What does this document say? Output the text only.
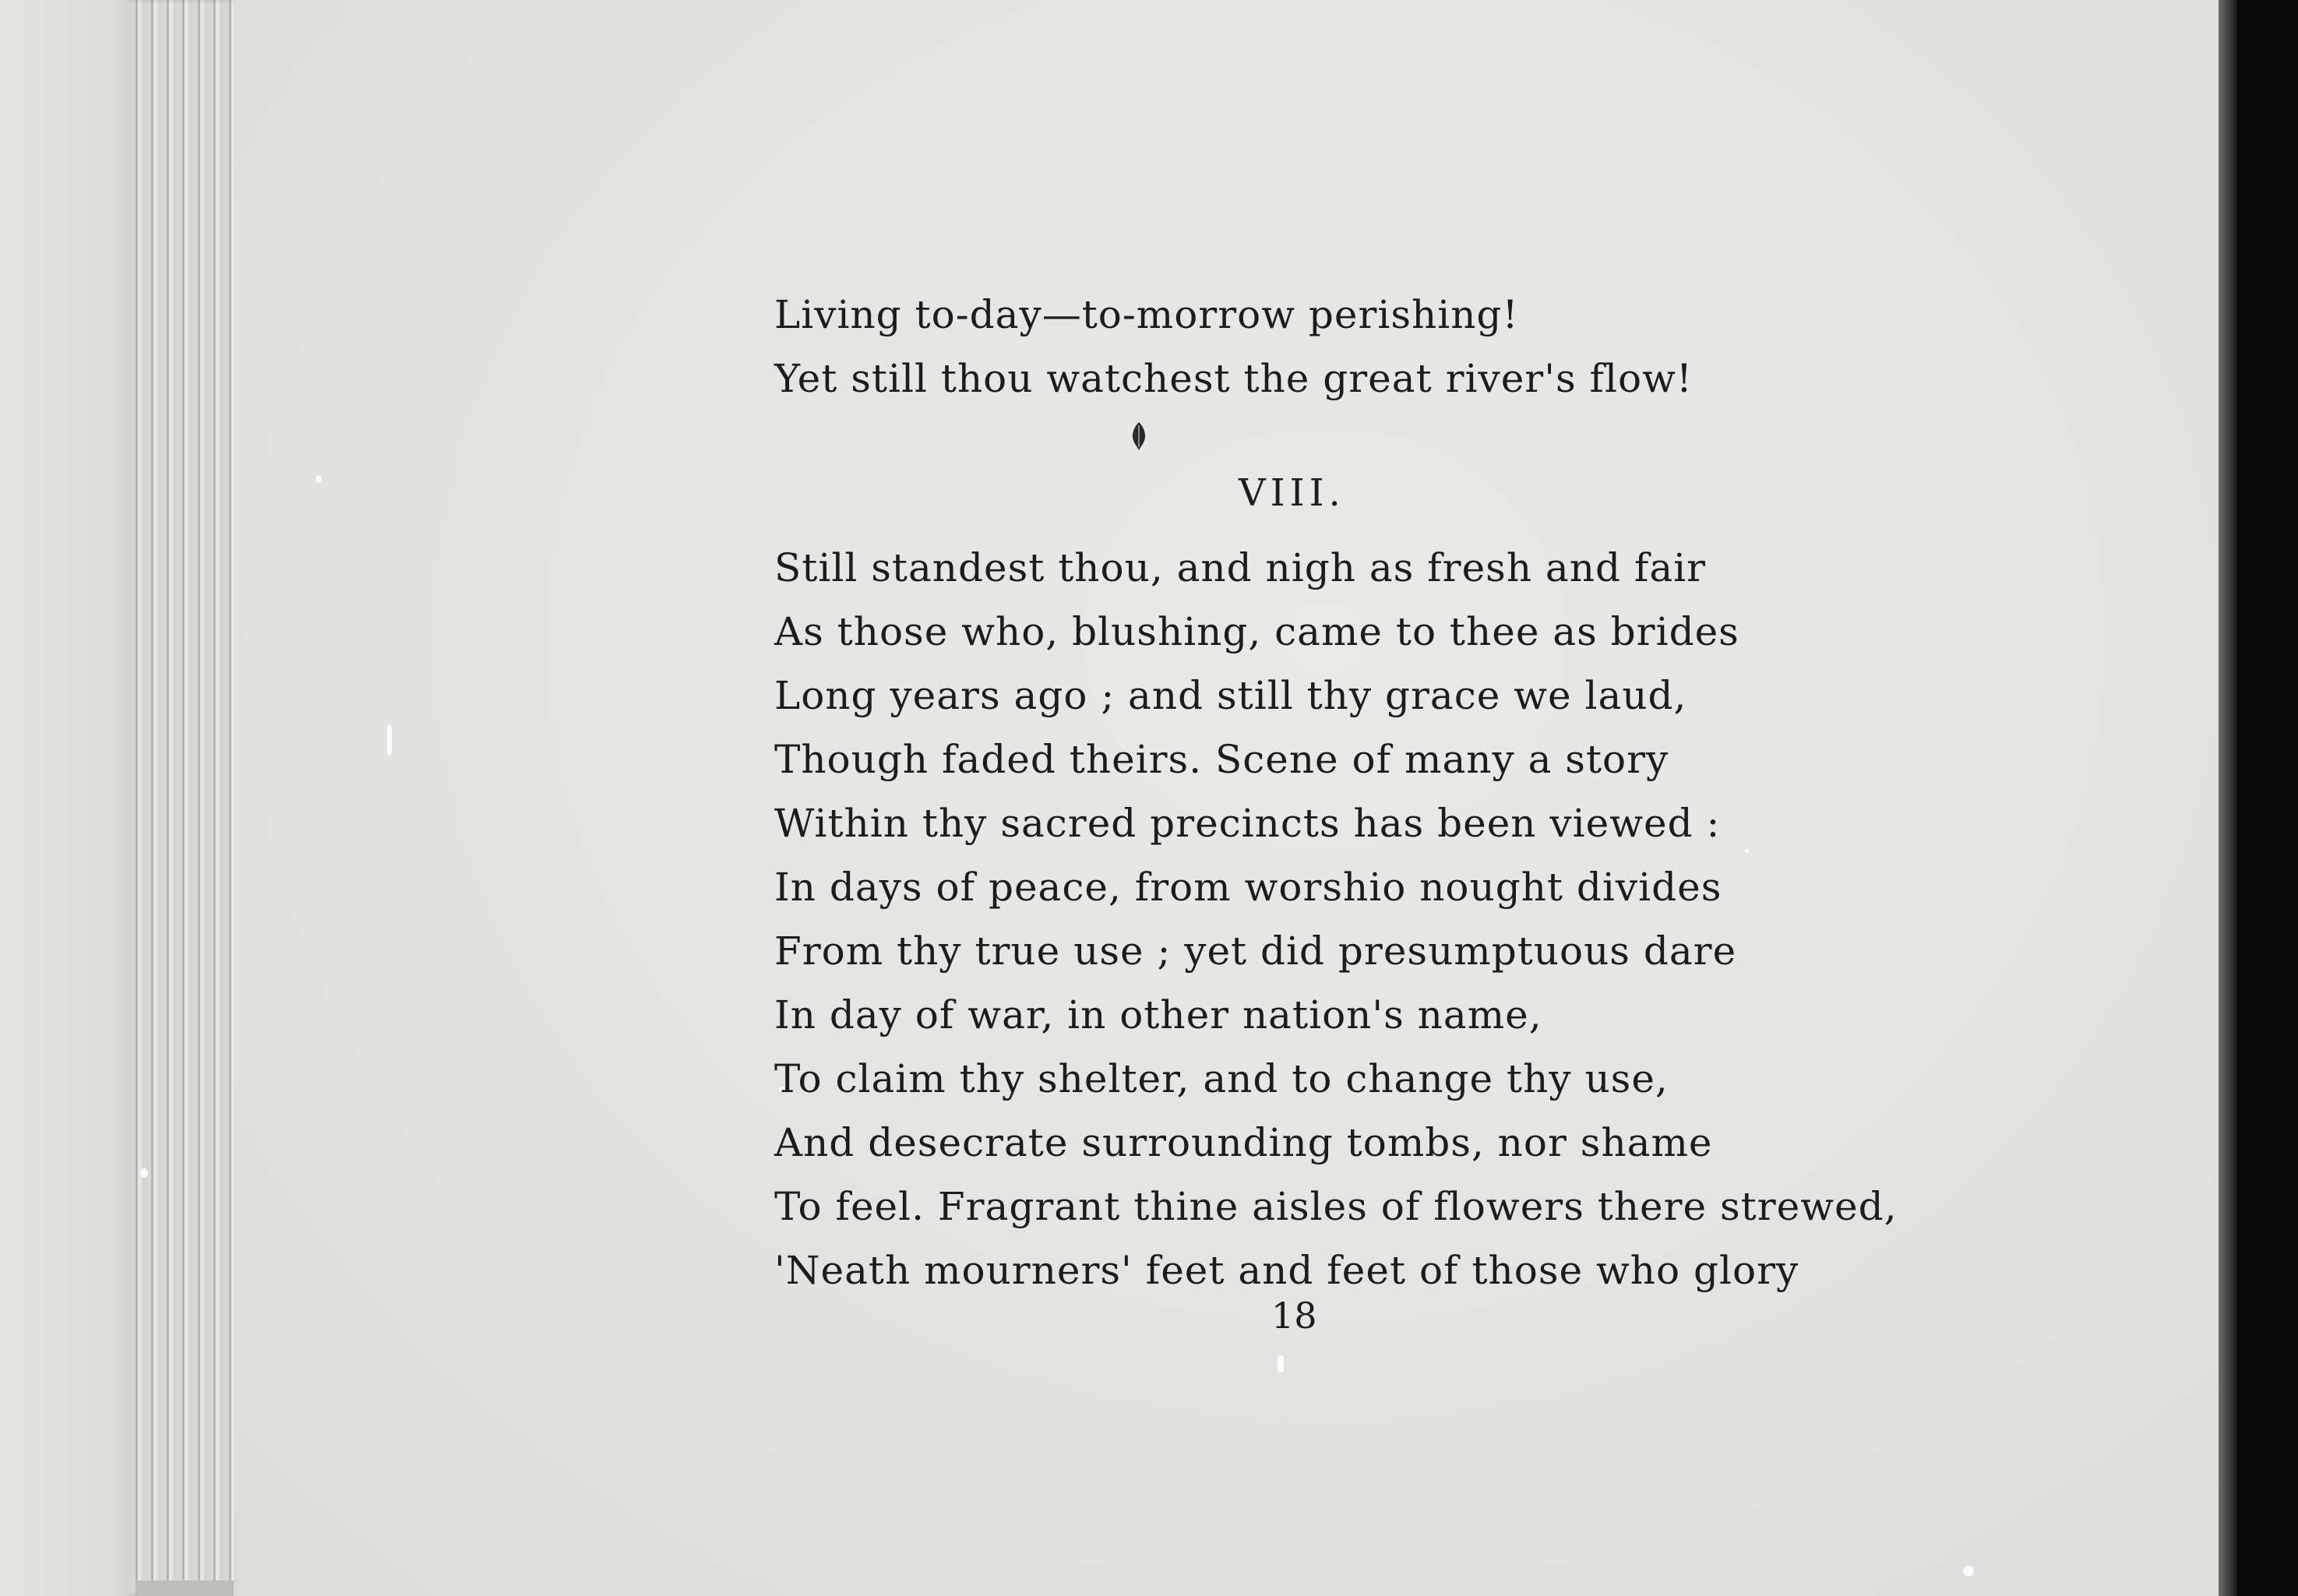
Living to-day—to-morrow perishing!
Yet still thou watchest the great river's flow!
VIII.
Still standest thou, and nigh as fresh and fair
As those who, blushing, came to thee as brides
Long years ago ; and still thy grace we laud,
Though faded theirs. Scene of many a story
Within thy sacred precincts has been viewed :
In days of peace, from worshio nought divides
From thy true use ; yet did presumptuous dare
In day of war, in other nation's name,
To claim thy shelter, and to change thy use,
And desecrate surrounding tombs, nor shame
To feel. Fragrant thine aisles of flowers there strewed,
'Neath mourners' feet and feet of those who glory
18
